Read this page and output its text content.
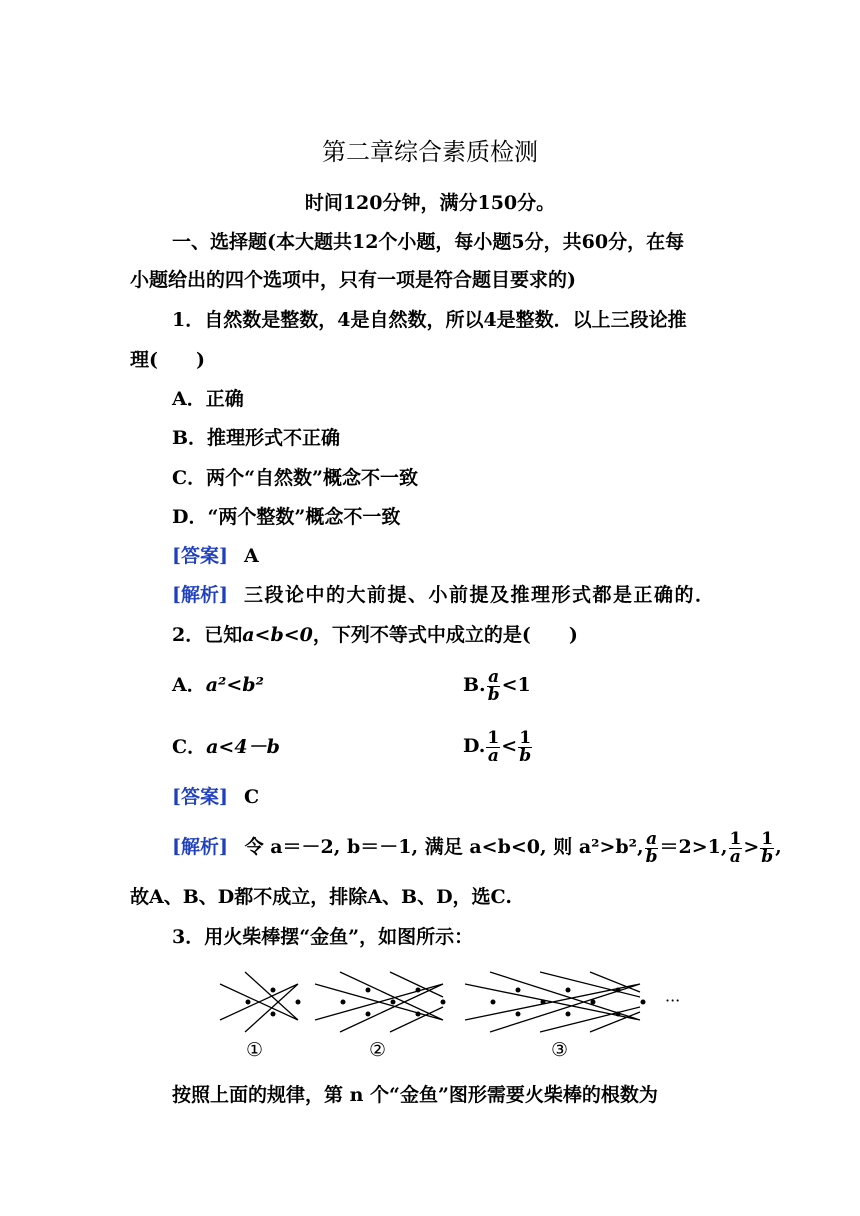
第二章综合素质检测
时间120分钟，满分150分。
一、选择题(本大题共12个小题，每小题5分，共60分，在每
小题给出的四个选项中，只有一项是符合题目要求的)
1．自然数是整数，4是自然数，所以4是整数．以上三段论推
理(　　)
A．正确
B．推理形式不正确
C．两个“自然数”概念不一致
D．“两个整数”概念不一致
[答案] A
[解析] 三段论中的大前提、小前提及推理形式都是正确的．
2．已知a<b<0，下列不等式中成立的是(　　)
A．a²<b²	B. $\frac{a}{b} <1$
C．a<4－b	D. $\frac{1}{a} < \frac{1}{b}$
[答案] C
[解析] 令 a＝－2, b＝－1, 满足 a<b<0, 则 a²>b², $\frac{a}{b} =2>1$, $\frac{1}{a} > \frac{1}{b}$ ,
故A、B、D都不成立，排除A、B、D，选C.
3．用火柴棒摆“金鱼”，如图所示：
···
①	②	③
按照上面的规律，第 n 个“金鱼”图形需要火柴棒的根数为
